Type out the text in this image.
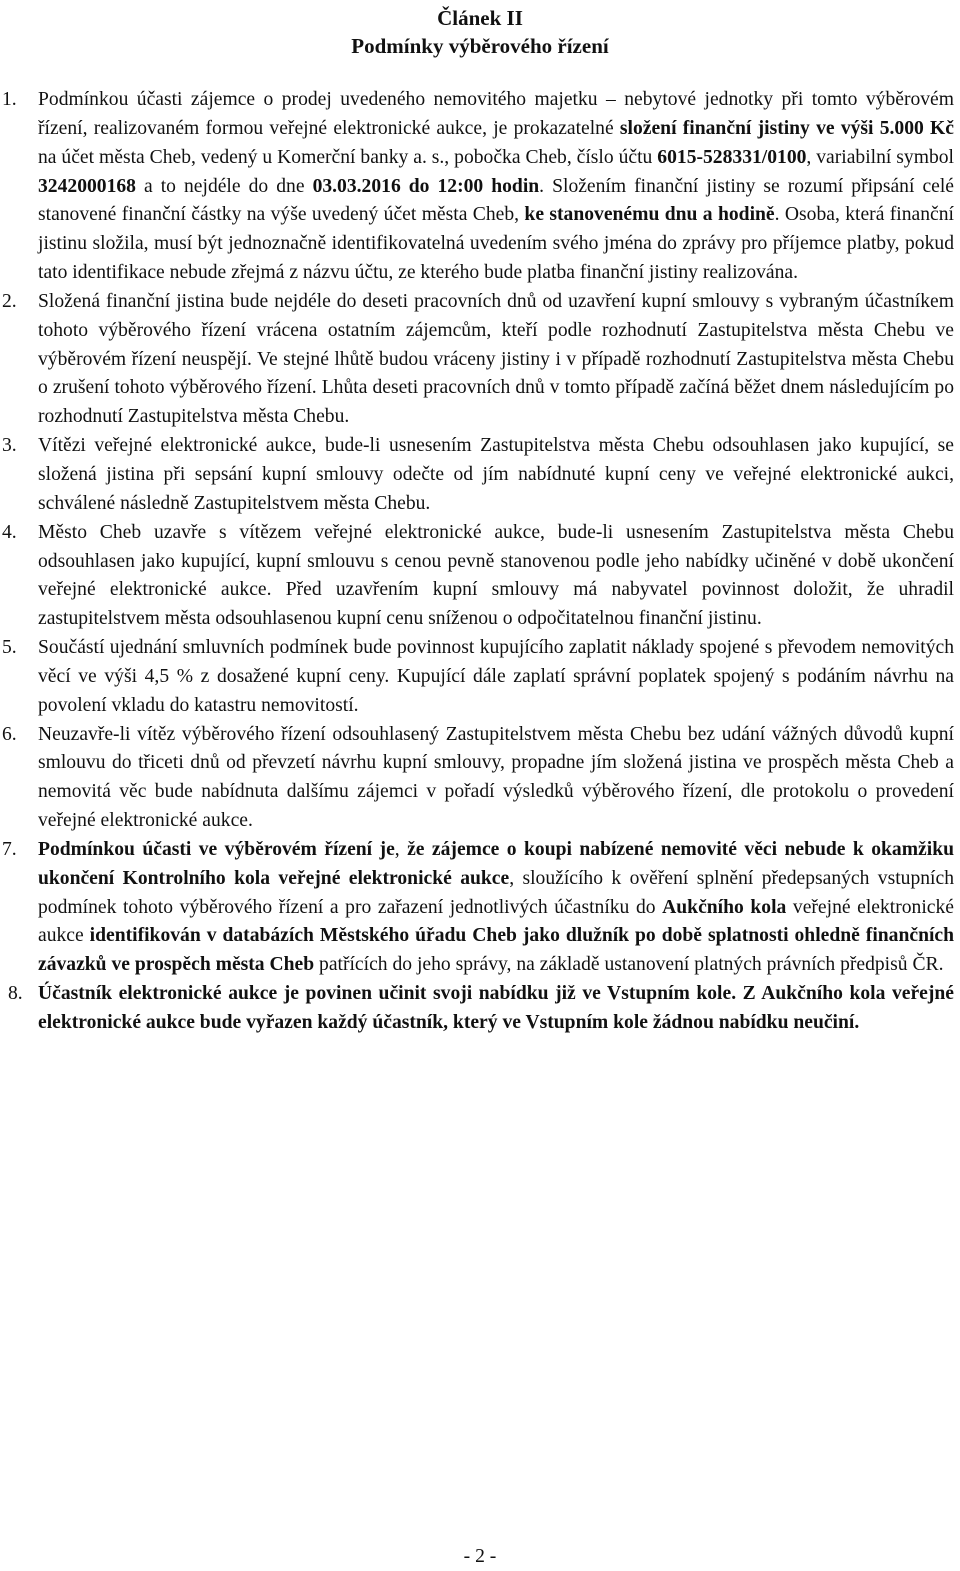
Článek II
Podmínky výběrového řízení
1.	Podmínkou účasti zájemce o prodej uvedeného nemovitého majetku – nebytové jednotky při tomto výběrovém řízení, realizovaném formou veřejné elektronické aukce, je prokazatelné složení finanční jistiny ve výši 5.000 Kč na účet města Cheb, vedený u Komerční banky a. s., pobočka Cheb, číslo účtu 6015-528331/0100, variabilní symbol 3242000168 a to nejdéle do dne 03.03.2016 do 12:00 hodin. Složením finanční jistiny se rozumí připsání celé stanovené finanční částky na výše uvedený účet města Cheb, ke stanovenému dnu a hodině. Osoba, která finanční jistinu složila, musí být jednoznačně identifikovatelná uvedením svého jména do zprávy pro příjemce platby, pokud tato identifikace nebude zřejmá z názvu účtu, ze kterého bude platba finanční jistiny realizována.
2.	Složená finanční jistina bude nejdéle do deseti pracovních dnů od uzavření kupní smlouvy s vybraným účastníkem tohoto výběrového řízení vrácena ostatním zájemcům, kteří podle rozhodnutí Zastupitelstva města Chebu ve výběrovém řízení neuspějí. Ve stejné lhůtě budou vráceny jistiny i v případě rozhodnutí Zastupitelstva města Chebu o zrušení tohoto výběrového řízení. Lhůta deseti pracovních dnů v tomto případě začíná běžet dnem následujícím po rozhodnutí Zastupitelstva města Chebu.
3.	Vítězi veřejné elektronické aukce, bude-li usnesením Zastupitelstva města Chebu odsouhlasen jako kupující, se složená jistina při sepsání kupní smlouvy odečte od jím nabídnuté kupní ceny ve veřejné elektronické aukci, schválené následně Zastupitelstvem města Chebu.
4.	Město Cheb uzavře s vítězem veřejné elektronické aukce, bude-li usnesením Zastupitelstva města Chebu odsouhlasen jako kupující, kupní smlouvu s cenou pevně stanovenou podle jeho nabídky učiněné v době ukončení veřejné elektronické aukce. Před uzavřením kupní smlouvy má nabyvatel povinnost doložit, že uhradil zastupitelstvem města odsouhlasenou kupní cenu sníženou o odpočitatelnou finanční jistinu.
5.	Součástí ujednání smluvních podmínek bude povinnost kupujícího zaplatit náklady spojené s převodem nemovitých věcí ve výši 4,5 % z dosažené kupní ceny. Kupující dále zaplatí správní poplatek spojený s podáním návrhu na povolení vkladu do katastru nemovitostí.
6.	Neuzavře-li vítěz výběrového řízení odsouhlasený Zastupitelstvem města Chebu bez udání vážných důvodů kupní smlouvu do třiceti dnů od převzetí návrhu kupní smlouvy, propadne jím složená jistina ve prospěch města Cheb a nemovitá věc bude nabídnuta dalšímu zájemci v pořadí výsledků výběrového řízení, dle protokolu o provedení veřejné elektronické aukce.
7.	Podmínkou účasti ve výběrovém řízení je, že zájemce o koupi nabízené nemovité věci nebude k okamžiku ukončení Kontrolního kola veřejné elektronické aukce, sloužícího k ověření splnění předepsaných vstupních podmínek tohoto výběrového řízení a pro zařazení jednotlivých účastníku do Aukčního kola veřejné elektronické aukce identifikován v databázích Městského úřadu Cheb jako dlužník po době splatnosti ohledně finančních závazků ve prospěch města Cheb patřících do jeho správy, na základě ustanovení platných právních předpisů ČR.
8. Účastník elektronické aukce je povinen učinit svoji nabídku již ve Vstupním kole. Z Aukčního kola veřejné elektronické aukce bude vyřazen každý účastník, který ve Vstupním kole žádnou nabídku neučiní.
- 2 -
